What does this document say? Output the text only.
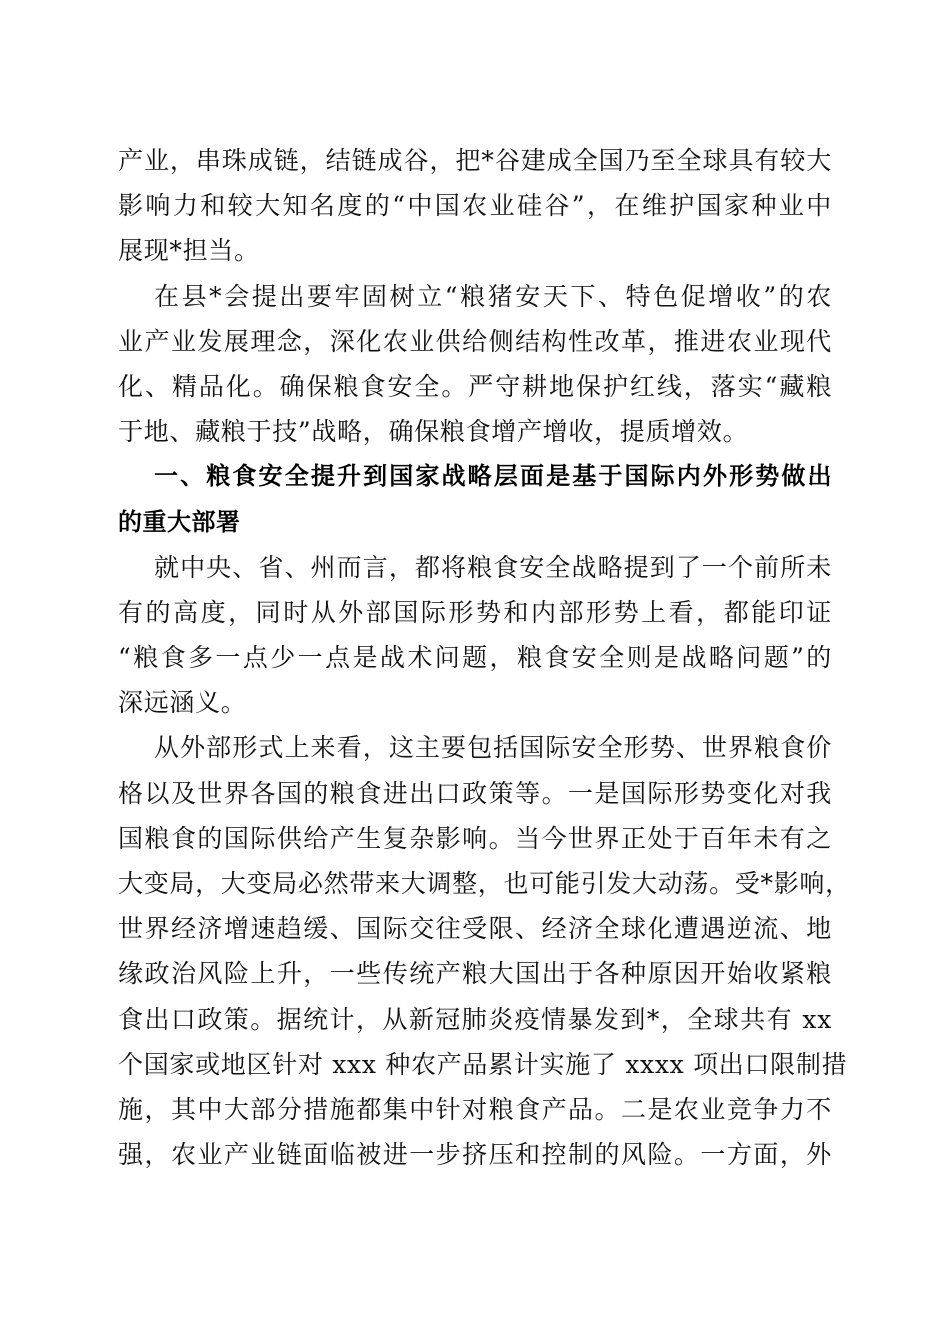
产业，串珠成链，结链成谷，把*谷建成全国乃至全球具有较大
影响力和较大知名度的“中国农业硅谷”，在维护国家种业中
展现*担当。
在县*会提出要牢固树立“粮猪安天下、特色促增收”的农
业产业发展理念，深化农业供给侧结构性改革，推进农业现代
化、精品化。确保粮食安全。严守耕地保护红线，落实“藏粮
于地、藏粮于技”战略，确保粮食增产增收，提质增效。
一、粮食安全提升到国家战略层面是基于国际内外形势做出
的重大部署
就中央、省、州而言，都将粮食安全战略提到了一个前所未
有的高度，同时从外部国际形势和内部形势上看，都能印证
“粮食多一点少一点是战术问题，粮食安全则是战略问题”的
深远涵义。
从外部形式上来看，这主要包括国际安全形势、世界粮食价
格以及世界各国的粮食进出口政策等。一是国际形势变化对我
国粮食的国际供给产生复杂影响。当今世界正处于百年未有之
大变局，大变局必然带来大调整，也可能引发大动荡。受*影响，
世界经济增速趋缓、国际交往受限、经济全球化遭遇逆流、地
缘政治风险上升，一些传统产粮大国出于各种原因开始收紧粮
食出口政策。据统计，从新冠肺炎疫情暴发到*，全球共有 xx
个国家或地区针对 xxx 种农产品累计实施了 xxxx 项出口限制措
施，其中大部分措施都集中针对粮食产品。二是农业竞争力不
强，农业产业链面临被进一步挤压和控制的风险。一方面，外
